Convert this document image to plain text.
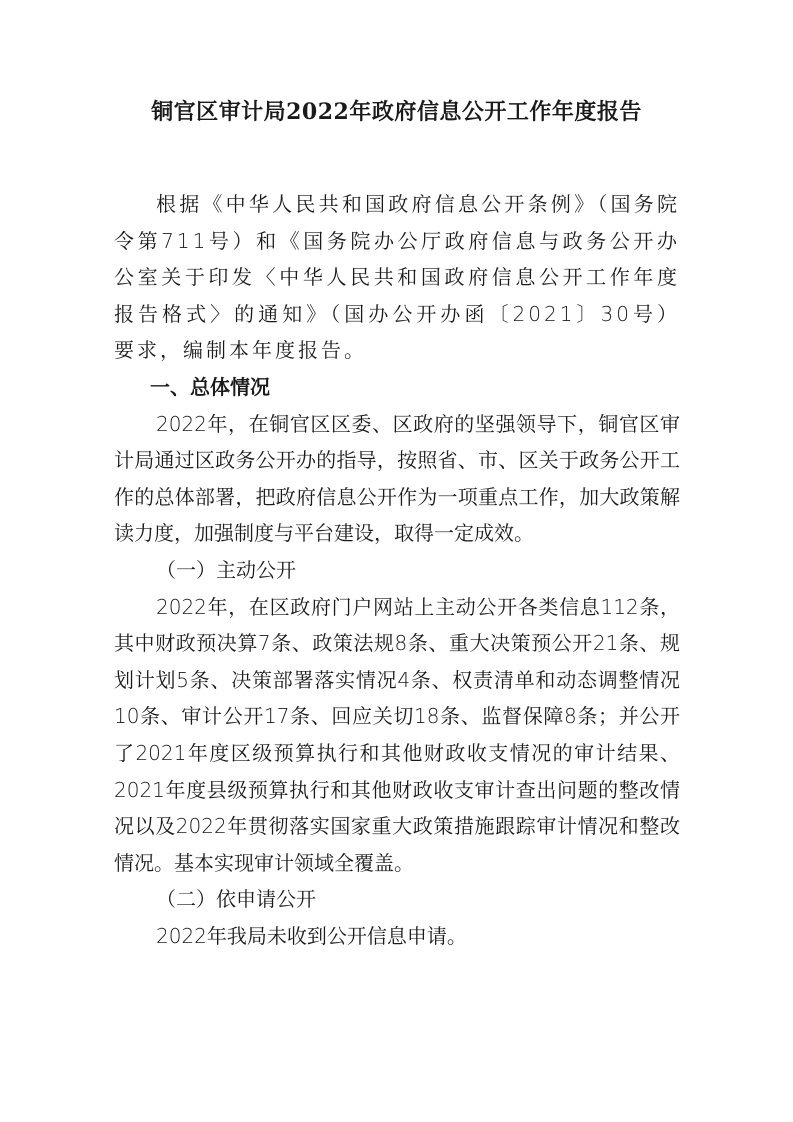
铜官区审计局2022年政府信息公开工作年度报告

根据《中华人民共和国政府信息公开条例》（国务院令第711号）和《国务院办公厅政府信息与政务公开办公室关于印发〈中华人民共和国政府信息公开工作年度报告格式〉的通知》（国办公开办函〔2021〕30号）要求，编制本年度报告。

一、总体情况

2022年，在铜官区区委、区政府的坚强领导下，铜官区审计局通过区政务公开办的指导，按照省、市、区关于政务公开工作的总体部署，把政府信息公开作为一项重点工作，加大政策解读力度，加强制度与平台建设，取得一定成效。

（一）主动公开

2022年，在区政府门户网站上主动公开各类信息112条，其中财政预决算7条、政策法规8条、重大决策预公开21条、规划计划5条、决策部署落实情况4条、权责清单和动态调整情况10条、审计公开17条、回应关切18条、监督保障8条；并公开了2021年度区级预算执行和其他财政收支情况的审计结果、2021年度县级预算执行和其他财政收支审计查出问题的整改情况以及2022年贯彻落实国家重大政策措施跟踪审计情况和整改情况。基本实现审计领域全覆盖。

（二）依申请公开

2022年我局未收到公开信息申请。
